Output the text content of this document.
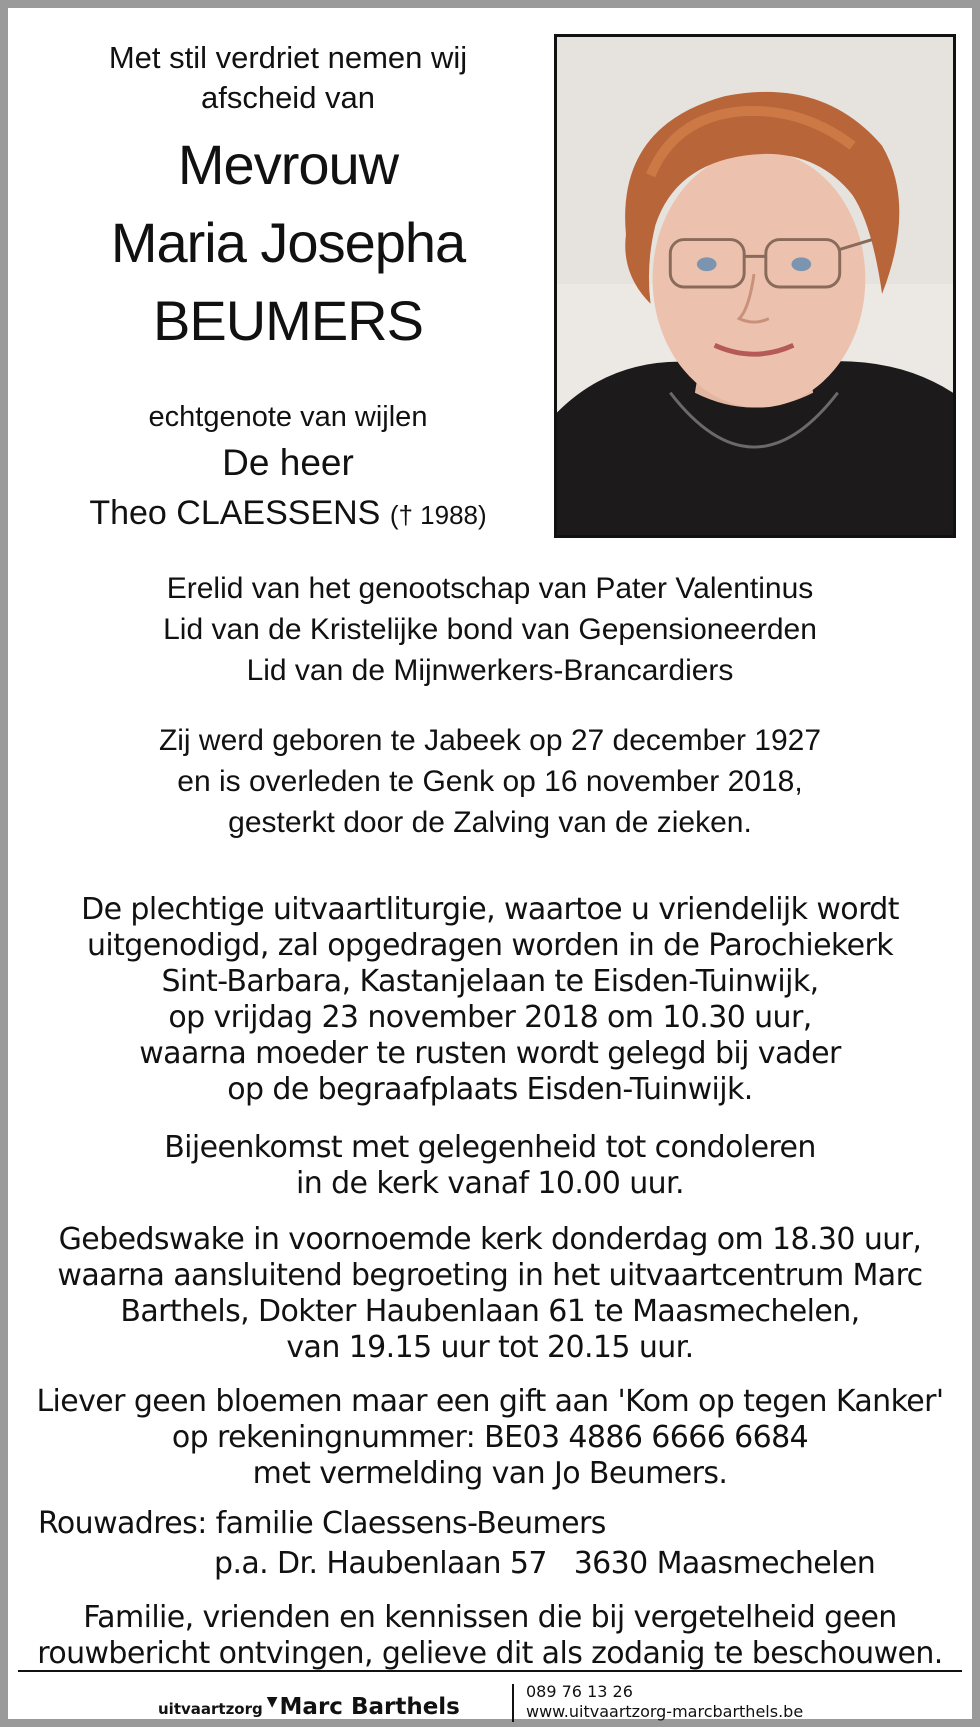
Met stil verdriet nemen wij
afscheid van
Mevrouw
Maria Josepha
BEUMERS
echtgenote van wijlen
De heer
Theo CLAESSENS († 1988)
Erelid van het genootschap van Pater Valentinus
Lid van de Kristelijke bond van Gepensioneerden
Lid van de Mijnwerkers-Brancardiers
Zij werd geboren te Jabeek op 27 december 1927
en is overleden te Genk op 16 november 2018,
gesterkt door de Zalving van de zieken.
De plechtige uitvaartliturgie, waartoe u vriendelijk wordt
uitgenodigd, zal opgedragen worden in de Parochiekerk
Sint-Barbara, Kastanjelaan te Eisden-Tuinwijk,
op vrijdag 23 november 2018 om 10.30 uur,
waarna moeder te rusten wordt gelegd bij vader
op de begraafplaats Eisden-Tuinwijk.
Bijeenkomst met gelegenheid tot condoleren
in de kerk vanaf 10.00 uur.
Gebedswake in voornoemde kerk donderdag om 18.30 uur,
waarna aansluitend begroeting in het uitvaartcentrum Marc
Barthels, Dokter Haubenlaan 61 te Maasmechelen,
van 19.15 uur tot 20.15 uur.
Liever geen bloemen maar een gift aan 'Kom op tegen Kanker'
op rekeningnummer: BE03 4886 6666 6684
met vermelding van Jo Beumers.
Rouwadres: familie Claessens-Beumers
p.a. Dr. Haubenlaan 57   3630 Maasmechelen
Familie, vrienden en kennissen die bij vergetelheid geen
rouwbericht ontvingen, gelieve dit als zodanig te beschouwen.
uitvaartzorg ▼Marc Barthels
089 76 13 26
www.uitvaartzorg-marcbarthels.be
